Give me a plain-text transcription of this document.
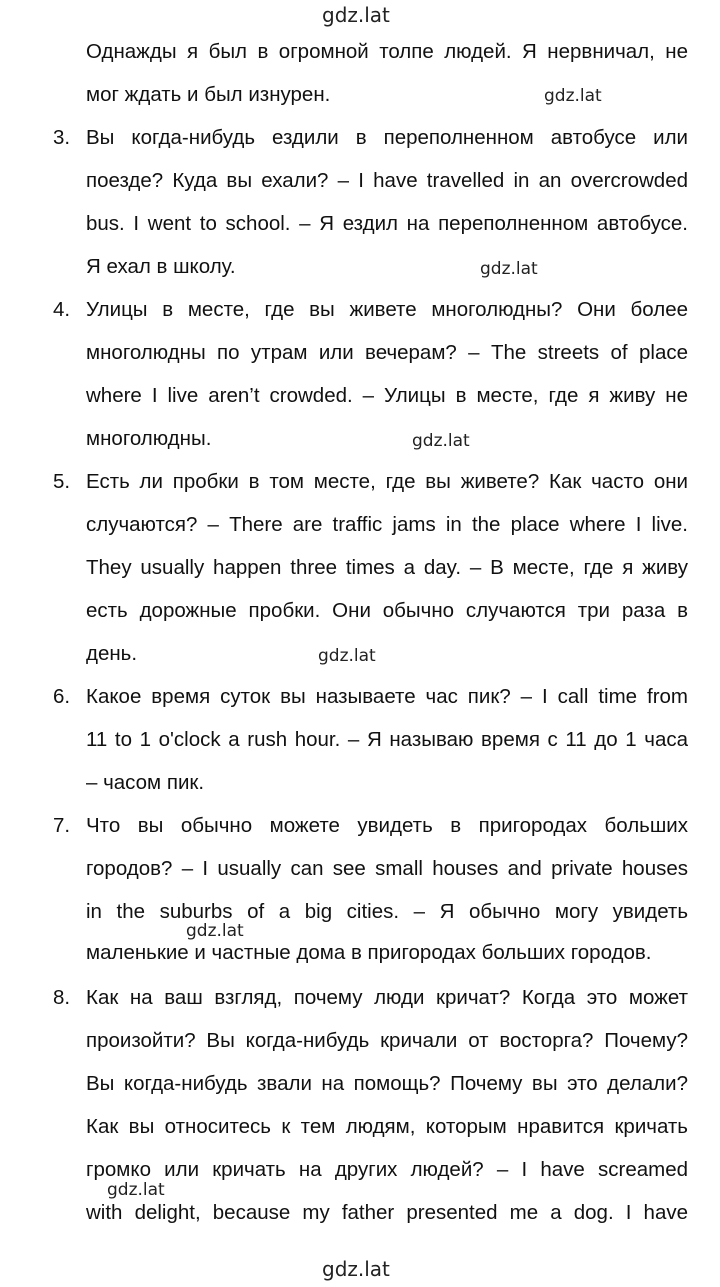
gdz.lat
gdz.lat
gdz.lat
gdz.lat
gdz.lat
gdz.lat
gdz.lat
gdz.lat
Однажды я был в огромной толпе людей. Я нервничал, не
мог ждать и был изнурен.
3. Вы когда-нибудь ездили в переполненном автобусе или
поезде? Куда вы ехали? – I have travelled in an overcrowded
bus. I went to school. – Я ездил на переполненном автобусе.
Я ехал в школу.
4. Улицы в месте, где вы живете многолюдны? Они более
многолюдны по утрам или вечерам? – The streets of place
where I live aren’t crowded. – Улицы в месте, где я живу не
многолюдны.
5. Есть ли пробки в том месте, где вы живете? Как часто они
случаются? – There are traffic jams in the place where I live.
They usually happen three times a day. – В месте, где я живу
есть дорожные пробки. Они обычно случаются три раза в
день.
6. Какое время суток вы называете час пик? – I call time from
11 to 1 o'clock a rush hour. – Я называю время с 11 до 1 часа
– часом пик.
7. Что вы обычно можете увидеть в пригородах больших
городов? – I usually can see small houses and private houses
in the suburbs of a big cities. – Я обычно могу увидеть
маленькие и частные дома в пригородах больших городов.
8. Как на ваш взгляд, почему люди кричат? Когда это может
произойти? Вы когда-нибудь кричали от восторга? Почему?
Вы когда-нибудь звали на помощь? Почему вы это делали?
Как вы относитесь к тем людям, которым нравится кричать
громко или кричать на других людей? – I have screamed
with delight, because my father presented me a dog. I have
